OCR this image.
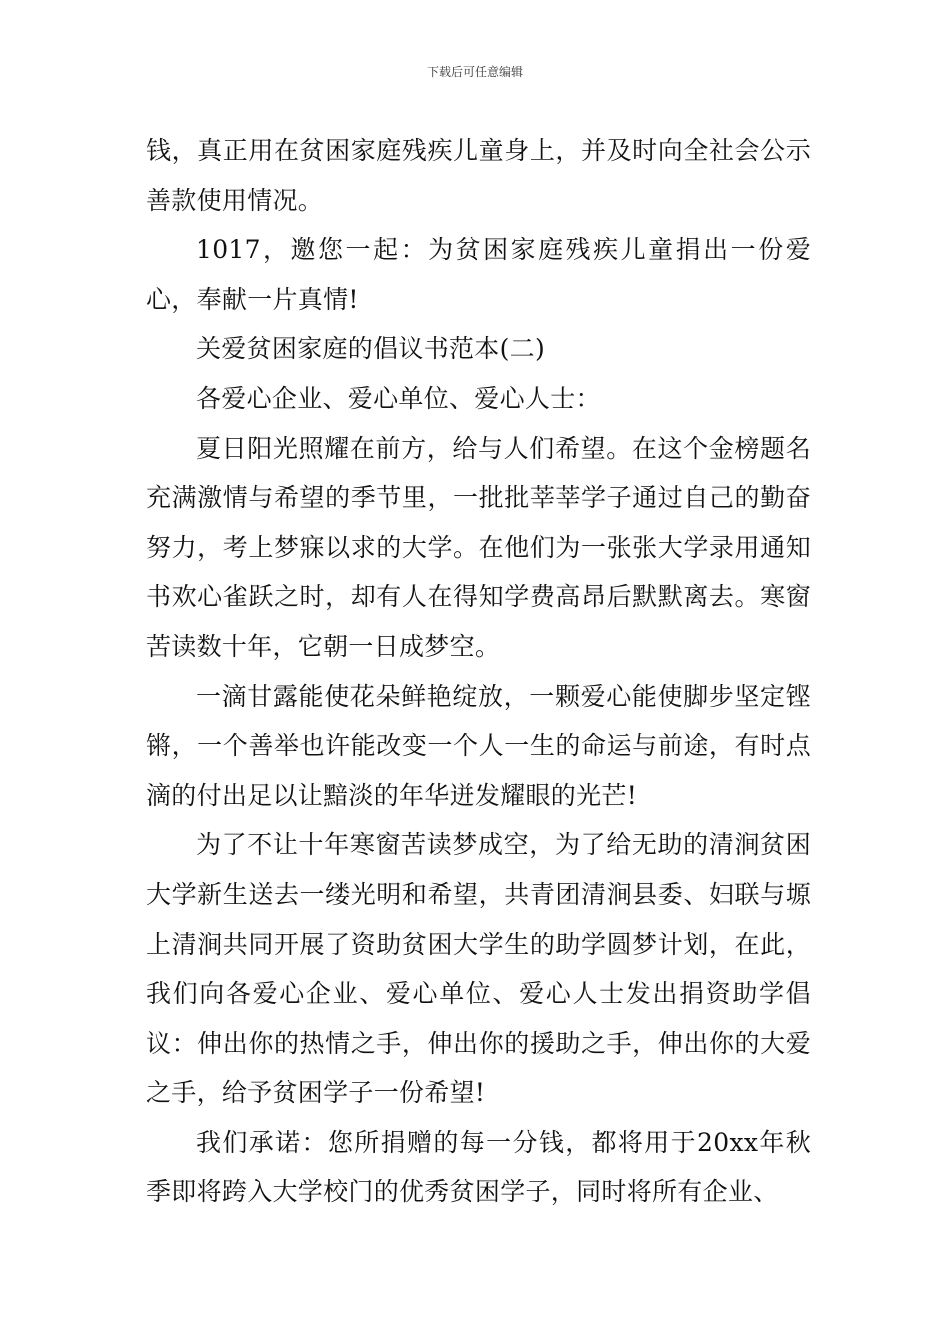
下载后可任意编辑

钱，真正用在贫困家庭残疾儿童身上，并及时向全社会公示善款使用情况。

1017，邀您一起：为贫困家庭残疾儿童捐出一份爱心，奉献一片真情!

关爱贫困家庭的倡议书范本(二)

各爱心企业、爱心单位、爱心人士：

夏日阳光照耀在前方，给与人们希望。在这个金榜题名充满激情与希望的季节里，一批批莘莘学子通过自己的勤奋努力，考上梦寐以求的大学。在他们为一张张大学录用通知书欢心雀跃之时，却有人在得知学费高昂后默默离去。寒窗苦读数十年，它朝一日成梦空。

一滴甘露能使花朵鲜艳绽放，一颗爱心能使脚步坚定铿锵，一个善举也许能改变一个人一生的命运与前途，有时点滴的付出足以让黯淡的年华迸发耀眼的光芒!

为了不让十年寒窗苦读梦成空，为了给无助的清涧贫困大学新生送去一缕光明和希望，共青团清涧县委、妇联与塬上清涧共同开展了资助贫困大学生的助学圆梦计划，在此，我们向各爱心企业、爱心单位、爱心人士发出捐资助学倡议：伸出你的热情之手，伸出你的援助之手，伸出你的大爱之手，给予贫困学子一份希望!

我们承诺：您所捐赠的每一分钱，都将用于20xx年秋季即将跨入大学校门的优秀贫困学子，同时将所有企业、
